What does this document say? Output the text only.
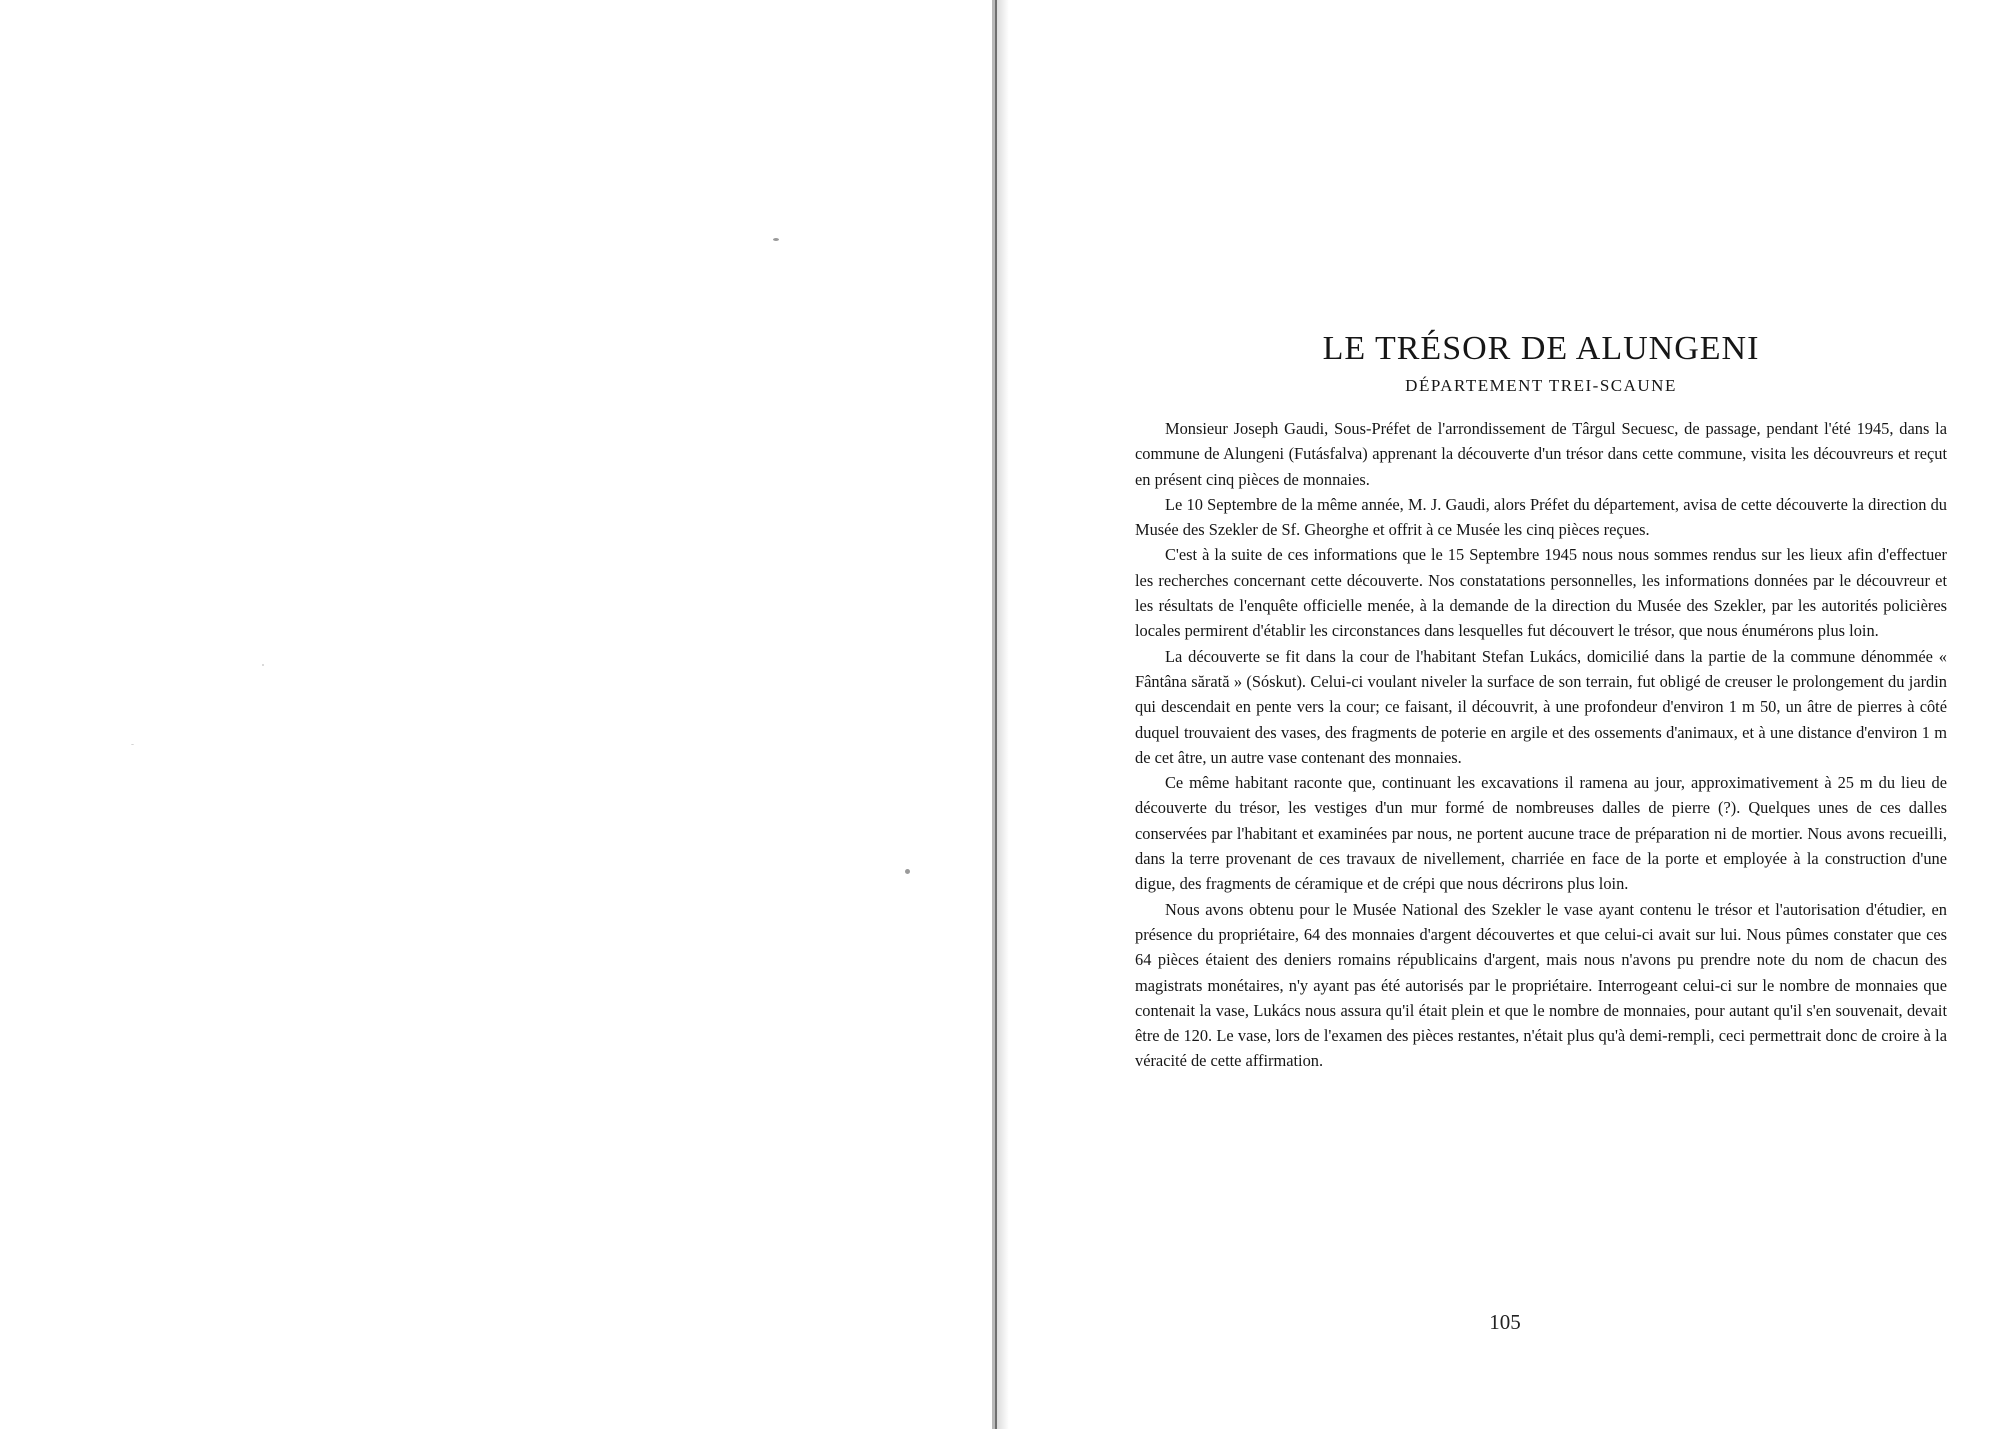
LE TRÉSOR DE ALUNGENI
DÉPARTEMENT TREI-SCAUNE

Monsieur Joseph Gaudi, Sous-Préfet de l'arrondissement de Târgul Secuesc, de passage, pendant l'été 1945, dans la commune de Alungeni (Futásfalva) apprenant la découverte d'un trésor dans cette commune, visita les découvreurs et reçut en présent cinq pièces de monnaies.

Le 10 Septembre de la même année, M. J. Gaudi, alors Préfet du département, avisa de cette découverte la direction du Musée des Szekler de Sf. Gheorghe et offrit à ce Musée les cinq pièces reçues.

C'est à la suite de ces informations que le 15 Septembre 1945 nous nous sommes rendus sur les lieux afin d'effectuer les recherches concernant cette découverte. Nos constatations personnelles, les informations données par le découvreur et les résultats de l'enquête officielle menée, à la demande de la direction du Musée des Szekler, par les autorités policières locales permirent d'établir les circonstances dans lesquelles fut découvert le trésor, que nous énumérons plus loin.

La découverte se fit dans la cour de l'habitant Stefan Lukács, domicilié dans la partie de la commune dénommée « Fântâna sărată » (Sóskut). Celui-ci voulant niveler la surface de son terrain, fut obligé de creuser le prolongement du jardin qui descendait en pente vers la cour; ce faisant, il découvrit, à une profondeur d'environ 1 m 50, un âtre de pierres à côté duquel trouvaient des vases, des fragments de poterie en argile et des ossements d'animaux, et à une distance d'environ 1 m de cet âtre, un autre vase contenant des monnaies.

Ce même habitant raconte que, continuant les excavations il ramena au jour, approximativement à 25 m du lieu de découverte du trésor, les vestiges d'un mur formé de nombreuses dalles de pierre (?). Quelques unes de ces dalles conservées par l'habitant et examinées par nous, ne portent aucune trace de préparation ni de mortier. Nous avons recueilli, dans la terre provenant de ces travaux de nivellement, charriée en face de la porte et employée à la construction d'une digue, des fragments de céramique et de crépi que nous décrirons plus loin.

Nous avons obtenu pour le Musée National des Szekler le vase ayant contenu le trésor et l'autorisation d'étudier, en présence du propriétaire, 64 des monnaies d'argent découvertes et que celui-ci avait sur lui. Nous pûmes constater que ces 64 pièces étaient des deniers romains républicains d'argent, mais nous n'avons pu prendre note du nom de chacun des magistrats monétaires, n'y ayant pas été autorisés par le propriétaire. Interrogeant celui-ci sur le nombre de monnaies que contenait la vase, Lukács nous assura qu'il était plein et que le nombre de monnaies, pour autant qu'il s'en souvenait, devait être de 120. Le vase, lors de l'examen des pièces restantes, n'était plus qu'à demi-rempli, ceci permettrait donc de croire à la véracité de cette affirmation.

105
